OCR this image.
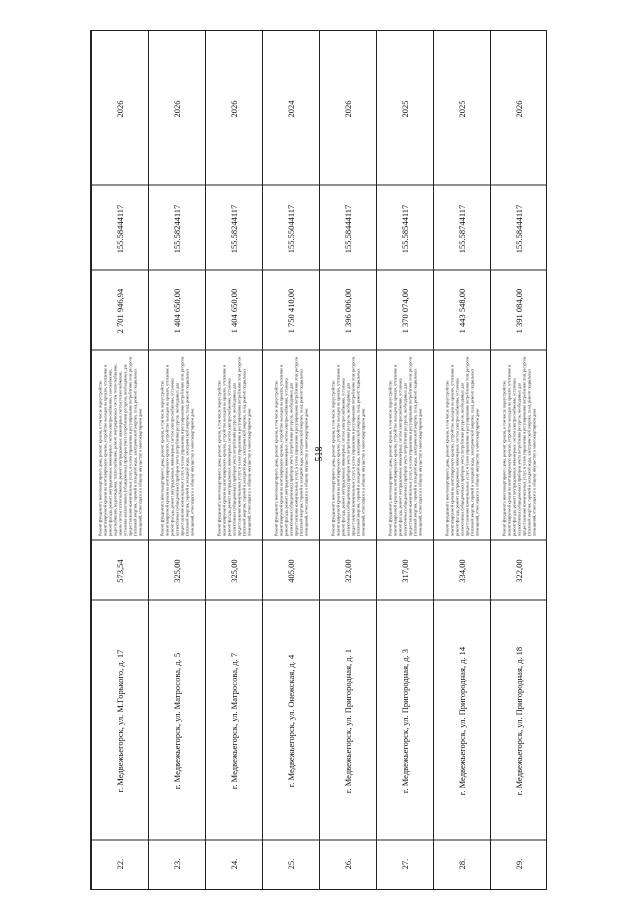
518
22.
г. Медвежьегорск, ул. М.Горького, д. 17
573,54
Ремонт фундамента многоквартирного дома, ремонт кровли, в том числе переустройство невентилируемой кровли на вентилируемую кровлю, устройство выходов на кровлю, утепление и ремонт фасада, ремонт внутридомовых инженерных систем электроснабжения, газоснабжения, водоснабжения, водоотведения, теплоснабжения, ремонт внутридомовых систем теплоснабжения, замена систем теплоснабжения, ремонт внутридомовых инженерных систем теплоснабжения, установка коллективных (общедомовых) приборов учета потребления ресурсов, необходимых для предоставления коммунальных услуг, и узлов управления и регулирования потребления этих ресурсов (тепловой энергии, горячей и холодной воды, электрической энергии, газа), ремонт подвальных помещений, относящихся к общему имуществу в многоквартирном доме
2 701 946,94
155.58444117
2026
23.
г. Медвежьегорск, ул. Матросова, д. 5
325,00
Ремонт фундамента многоквартирного дома, ремонт кровли, в том числе переустройство невентилируемой кровли на вентилируемую кровлю, устройство выходов на кровлю, утепление и ремонт фасада, ремонт внутридомовых инженерных систем электроснабжения, установка коллективных (общедомовых) приборов учета потребления ресурсов, необходимых для предоставления коммунальных услуг, и узлов управления и регулирования потребления этих ресурсов (тепловой энергии, горячей и холодной воды, электрической энергии, газа), ремонт подвальных помещений, относящихся к общему имуществу в многоквартирном доме
1 404 650,00
155.58244117
2026
24.
г. Медвежьегорск, ул. Матросова, д. 7
325,00
Ремонт фундамента многоквартирного дома, ремонт кровли, в том числе переустройство невентилируемой кровли на вентилируемую кровлю, устройство выходов на кровлю, утепление и ремонт фасада, ремонт внутридомовых инженерных систем электроснабжения, установка коллективных (общедомовых) приборов учета потребления ресурсов, необходимых для предоставления коммунальных услуг, и узлов управления и регулирования потребления этих ресурсов (тепловой энергии, горячей и холодной воды, электрической энергии, газа), ремонт подвальных помещений, относящихся к общему имуществу в многоквартирном доме
1 404 650,00
155.58244117
2026
25.
г. Медвежьегорск, ул. Онежская, д. 4
405,00
Ремонт фундамента многоквартирного дома, ремонт кровли, в том числе переустройство невентилируемой кровли на вентилируемую кровлю, устройство выходов на кровлю, утепление и ремонт фасада, ремонт внутридомовых инженерных систем электроснабжения, установка коллективных (общедомовых) приборов учета потребления ресурсов, необходимых для предоставления коммунальных услуг, и узлов управления и регулирования потребления этих ресурсов (тепловой энергии, горячей и холодной воды, электрической энергии, газа), ремонт подвальных помещений, относящихся к общему имуществу в многоквартирном доме
1 750 410,00
155.55044117
2024
26.
г. Медвежьегорск, ул. Пригородная, д. 1
323,00
Ремонт фундамента многоквартирного дома, ремонт кровли, в том числе переустройство невентилируемой кровли на вентилируемую кровлю, устройство выходов на кровлю, утепление и ремонт фасада, ремонт внутридомовых инженерных систем электроснабжения, установка коллективных (общедомовых) приборов учета потребления ресурсов, необходимых для предоставления коммунальных услуг, и узлов управления и регулирования потребления этих ресурсов (тепловой энергии, горячей и холодной воды, электрической энергии, газа), ремонт подвальных помещений, относящихся к общему имуществу в многоквартирном доме
1 396 006,00
155.58444117
2026
27.
г. Медвежьегорск, ул. Пригородная, д. 3
317,00
Ремонт фундамента многоквартирного дома, ремонт кровли, в том числе переустройство невентилируемой кровли на вентилируемую кровлю, устройство выходов на кровлю, утепление и ремонт фасада, ремонт внутридомовых инженерных систем электроснабжения, установка коллективных (общедомовых) приборов учета потребления ресурсов, необходимых для предоставления коммунальных услуг, и узлов управления и регулирования потребления этих ресурсов (тепловой энергии, горячей и холодной воды, электрической энергии, газа), ремонт подвальных помещений, относящихся к общему имуществу в многоквартирном доме
1 370 074,00
155.58544117
2025
28.
г. Медвежьегорск, ул. Пригородная, д. 14
334,00
Ремонт фундамента многоквартирного дома, ремонт кровли, в том числе переустройство невентилируемой кровли на вентилируемую кровлю, устройство выходов на кровлю, утепление и ремонт фасада, ремонт внутридомовых инженерных систем электроснабжения, установка коллективных (общедомовых) приборов учета потребления ресурсов, необходимых для предоставления коммунальных услуг, и узлов управления и регулирования потребления этих ресурсов (тепловой энергии, горячей и холодной воды, электрической энергии, газа), ремонт подвальных помещений, относящихся к общему имуществу в многоквартирном доме
1 443 548,00
155.58744117
2025
29.
г. Медвежьегорск, ул. Пригородная, д. 18
322,00
Ремонт фундамента многоквартирного дома, ремонт кровли, в том числе переустройство невентилируемой кровли на вентилируемую кровлю, устройство выходов на кровлю, утепление и ремонт фасада, ремонт внутридомовых инженерных систем электроснабжения, установка коллективных (общедомовых) приборов учета потребления ресурсов, необходимых для предоставления коммунальных услуг, и узлов управления и регулирования потребления этих ресурсов (тепловой энергии, горячей и холодной воды, электрической энергии, газа), ремонт подвальных помещений, относящихся к общему имуществу в многоквартирном доме
1 391 084,00
155.58444117
2026
